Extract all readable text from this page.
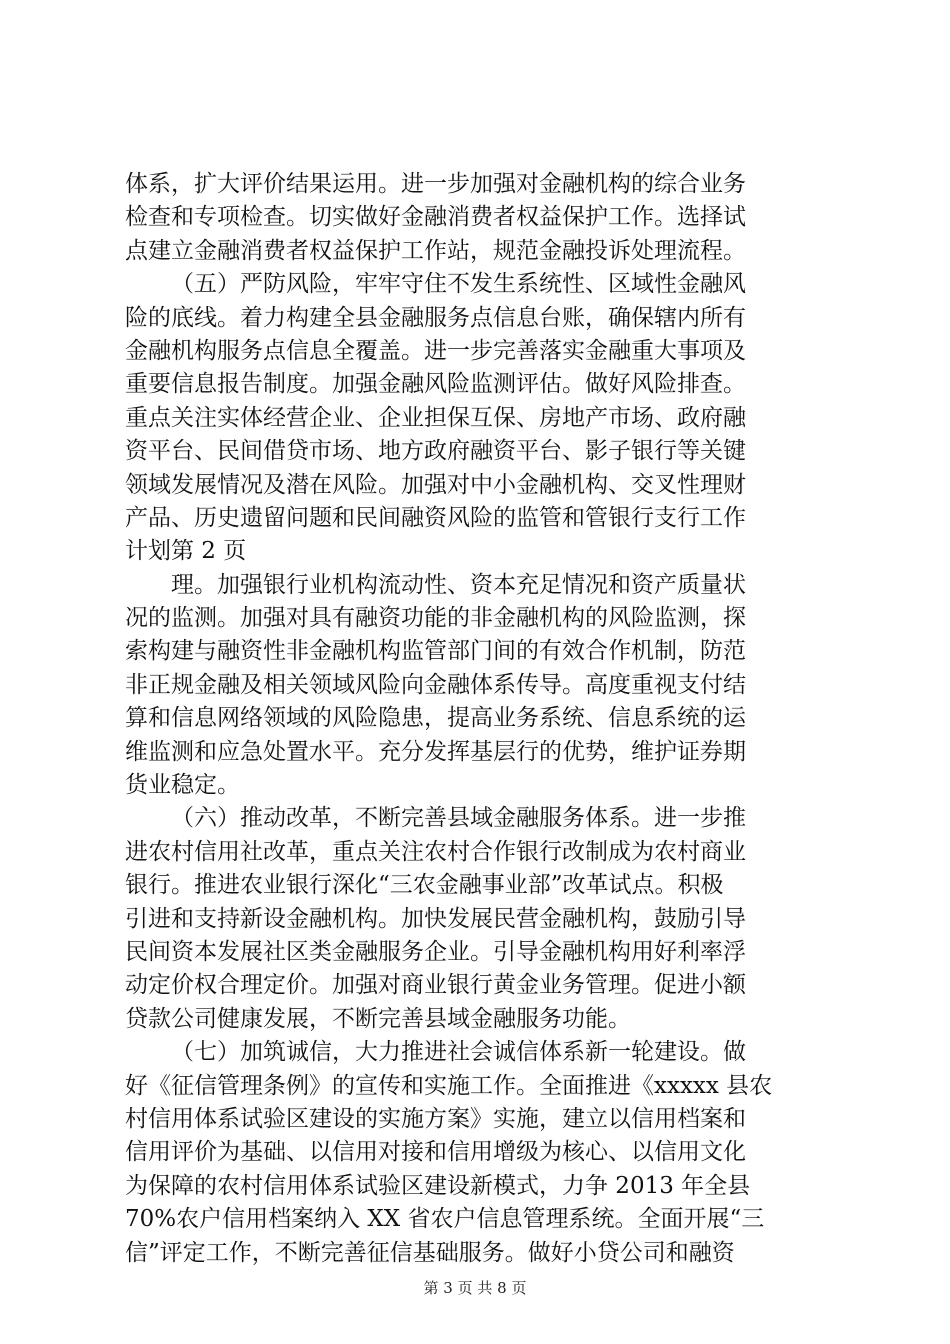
体系，扩大评价结果运用。进一步加强对金融机构的综合业务
检查和专项检查。切实做好金融消费者权益保护工作。选择试
点建立金融消费者权益保护工作站，规范金融投诉处理流程。
（五）严防风险，牢牢守住不发生系统性、区域性金融风
险的底线。着力构建全县金融服务点信息台账，确保辖内所有
金融机构服务点信息全覆盖。进一步完善落实金融重大事项及
重要信息报告制度。加强金融风险监测评估。做好风险排查。
重点关注实体经营企业、企业担保互保、房地产市场、政府融
资平台、民间借贷市场、地方政府融资平台、影子银行等关键
领域发展情况及潜在风险。加强对中小金融机构、交叉性理财
产品、历史遗留问题和民间融资风险的监管和管银行支行工作
计划第 2 页
理。加强银行业机构流动性、资本充足情况和资产质量状
况的监测。加强对具有融资功能的非金融机构的风险监测，探
索构建与融资性非金融机构监管部门间的有效合作机制，防范
非正规金融及相关领域风险向金融体系传导。高度重视支付结
算和信息网络领域的风险隐患，提高业务系统、信息系统的运
维监测和应急处置水平。充分发挥基层行的优势，维护证券期
货业稳定。
（六）推动改革，不断完善县域金融服务体系。进一步推
进农村信用社改革，重点关注农村合作银行改制成为农村商业
银行。推进农业银行深化“三农金融事业部”改革试点。积极
引进和支持新设金融机构。加快发展民营金融机构，鼓励引导
民间资本发展社区类金融服务企业。引导金融机构用好利率浮
动定价权合理定价。加强对商业银行黄金业务管理。促进小额
贷款公司健康发展，不断完善县域金融服务功能。
（七）加筑诚信，大力推进社会诚信体系新一轮建设。做
好《征信管理条例》的宣传和实施工作。全面推进《xxxxx 县农
村信用体系试验区建设的实施方案》实施，建立以信用档案和
信用评价为基础、以信用对接和信用增级为核心、以信用文化
为保障的农村信用体系试验区建设新模式，力争 2013 年全县
70%农户信用档案纳入 XX 省农户信息管理系统。全面开展“三
信”评定工作，不断完善征信基础服务。做好小贷公司和融资
第 3 页 共 8 页
